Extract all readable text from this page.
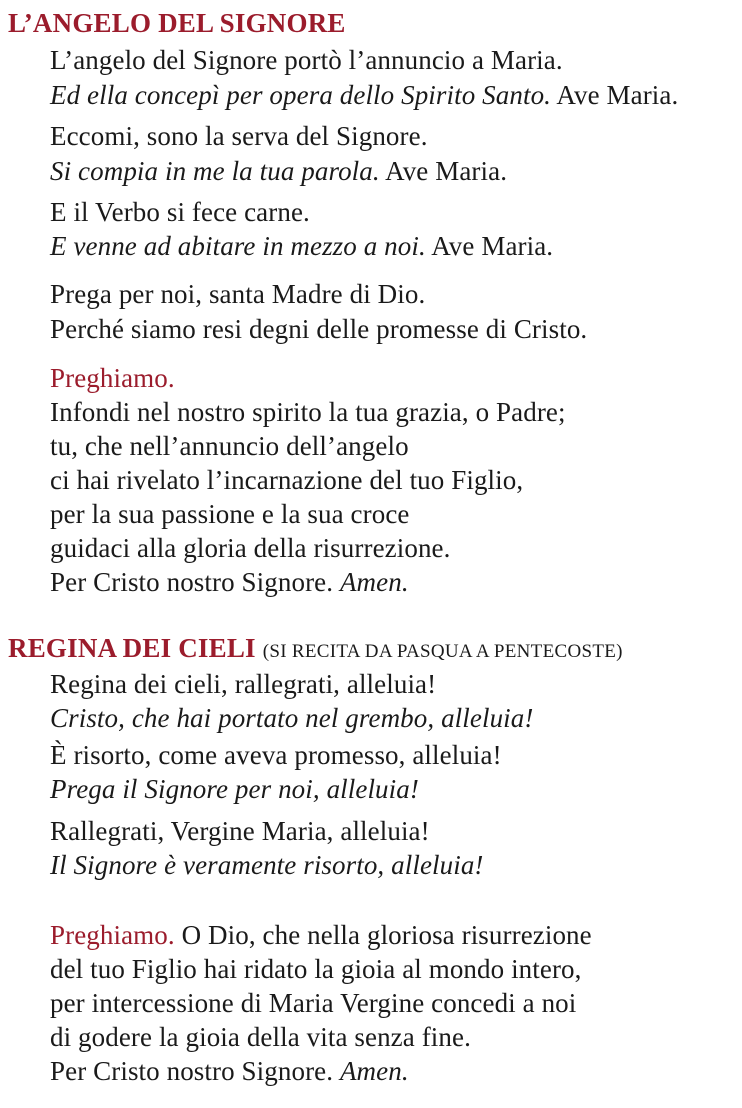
L’ANGELO DEL SIGNORE
L’angelo del Signore portò l’annuncio a Maria.
Ed ella concepì per opera dello Spirito Santo. Ave Maria.
Eccomi, sono la serva del Signore.
Si compia in me la tua parola. Ave Maria.
E il Verbo si fece carne.
E venne ad abitare in mezzo a noi. Ave Maria.
Prega per noi, santa Madre di Dio.
Perché siamo resi degni delle promesse di Cristo.
Preghiamo.
Infondi nel nostro spirito la tua grazia, o Padre;
tu, che nell’annuncio dell’angelo
ci hai rivelato l’incarnazione del tuo Figlio,
per la sua passione e la sua croce
guidaci alla gloria della risurrezione.
Per Cristo nostro Signore. Amen.
REGINA DEI CIELI (SI RECITA DA PASQUA A PENTECOSTE)
Regina dei cieli, rallegrati, alleluia!
Cristo, che hai portato nel grembo, alleluia!
È risorto, come aveva promesso, alleluia!
Prega il Signore per noi, alleluia!
Rallegrati, Vergine Maria, alleluia!
Il Signore è veramente risorto, alleluia!
Preghiamo. O Dio, che nella gloriosa risurrezione
del tuo Figlio hai ridato la gioia al mondo intero,
per intercessione di Maria Vergine concedi a noi
di godere la gioia della vita senza fine.
Per Cristo nostro Signore. Amen.
